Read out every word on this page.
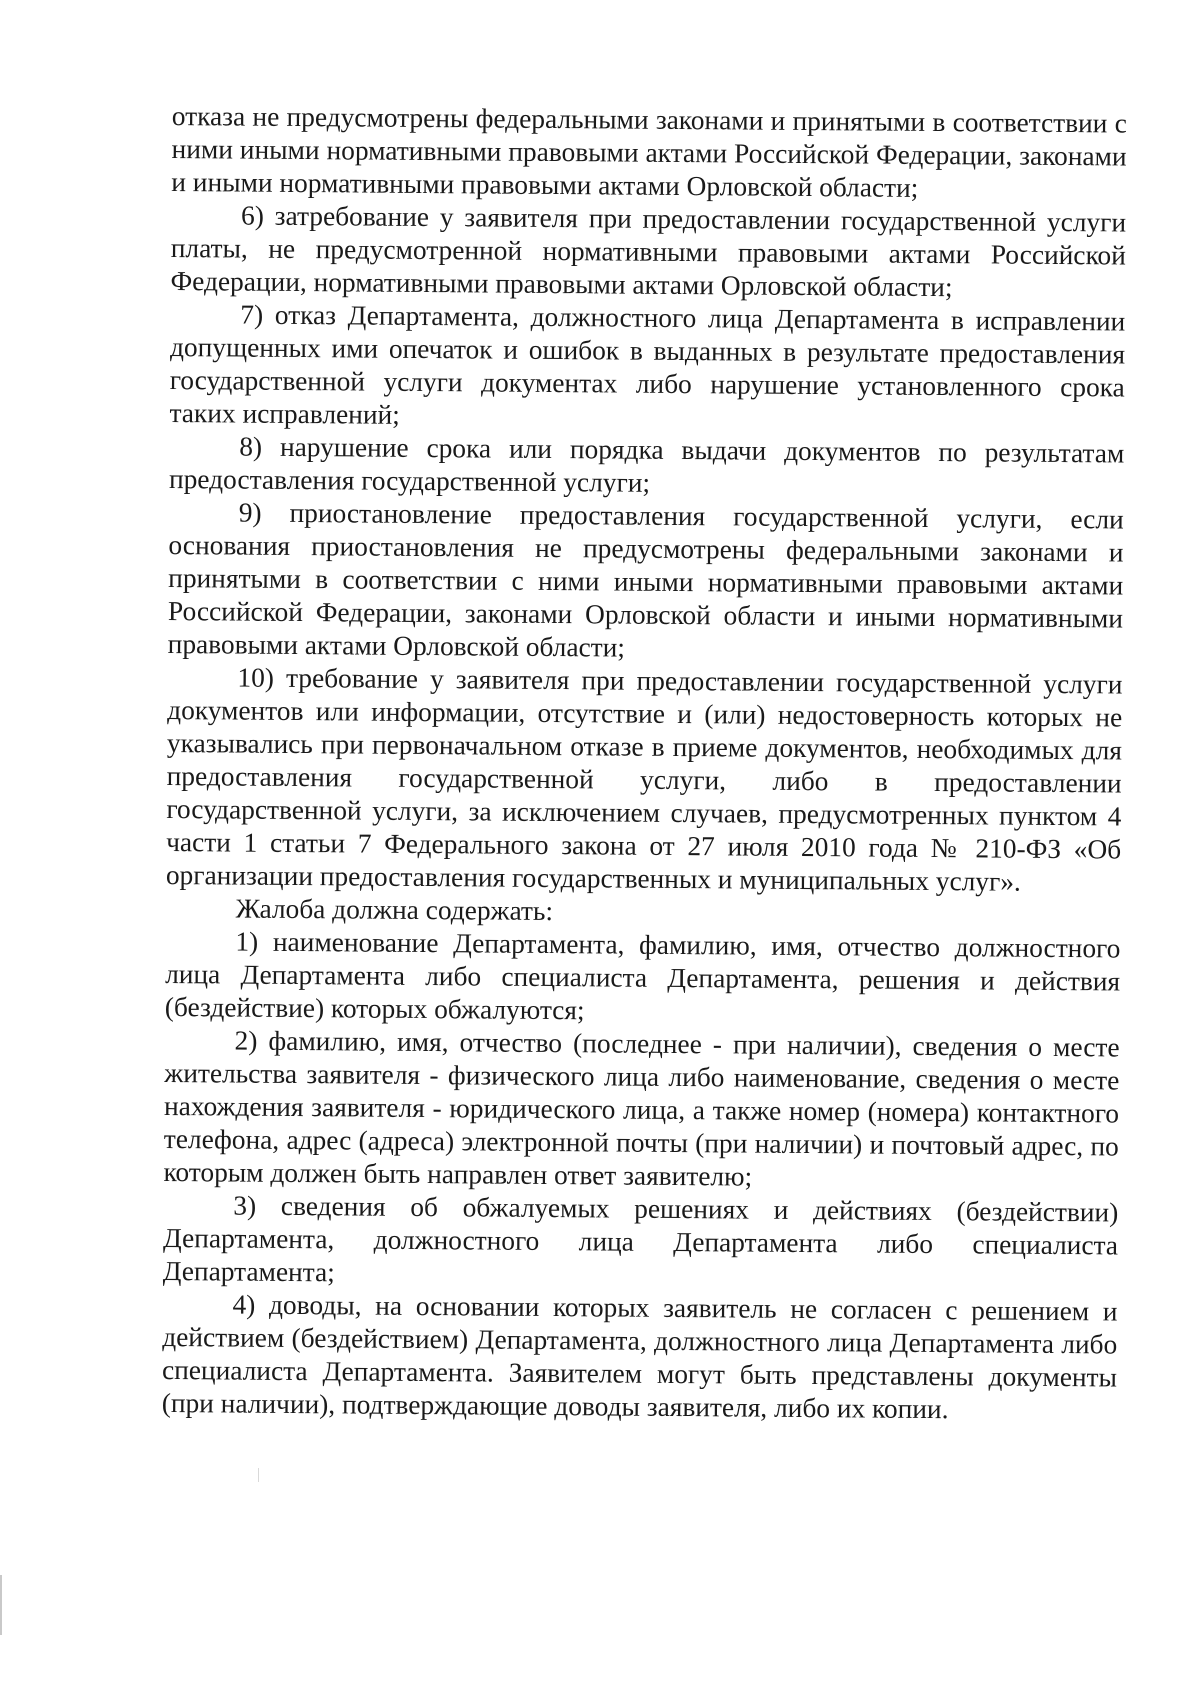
отказа не предусмотрены федеральными законами и принятыми в соответствии с ними иными нормативными правовыми актами Российской Федерации, законами и иными нормативными правовыми актами Орловской области;

6) затребование у заявителя при предоставлении государственной услуги платы, не предусмотренной нормативными правовыми актами Российской Федерации, нормативными правовыми актами Орловской области;

7) отказ Департамента, должностного лица Департамента в исправлении допущенных ими опечаток и ошибок в выданных в результате предоставления государственной услуги документах либо нарушение установленного срока таких исправлений;

8) нарушение срока или порядка выдачи документов по результатам предоставления государственной услуги;

9) приостановление предоставления государственной услуги, если основания приостановления не предусмотрены федеральными законами и принятыми в соответствии с ними иными нормативными правовыми актами Российской Федерации, законами Орловской области и иными нормативными правовыми актами Орловской области;

10) требование у заявителя при предоставлении государственной услуги документов или информации, отсутствие и (или) недостоверность которых не указывались при первоначальном отказе в приеме документов, необходимых для предоставления государственной услуги, либо в предоставлении государственной услуги, за исключением случаев, предусмотренных пунктом 4 части 1 статьи 7 Федерального закона от 27 июля 2010 года № 210-ФЗ «Об организации предоставления государственных и муниципальных услуг».

Жалоба должна содержать:

1) наименование Департамента, фамилию, имя, отчество должностного лица Департамента либо специалиста Департамента, решения и действия (бездействие) которых обжалуются;

2) фамилию, имя, отчество (последнее - при наличии), сведения о месте жительства заявителя - физического лица либо наименование, сведения о месте нахождения заявителя - юридического лица, а также номер (номера) контактного телефона, адрес (адреса) электронной почты (при наличии) и почтовый адрес, по которым должен быть направлен ответ заявителю;

3) сведения об обжалуемых решениях и действиях (бездействии) Департамента, должностного лица Департамента либо специалиста Департамента;

4) доводы, на основании которых заявитель не согласен с решением и действием (бездействием) Департамента, должностного лица Департамента либо специалиста Департамента. Заявителем могут быть представлены документы (при наличии), подтверждающие доводы заявителя, либо их копии.
